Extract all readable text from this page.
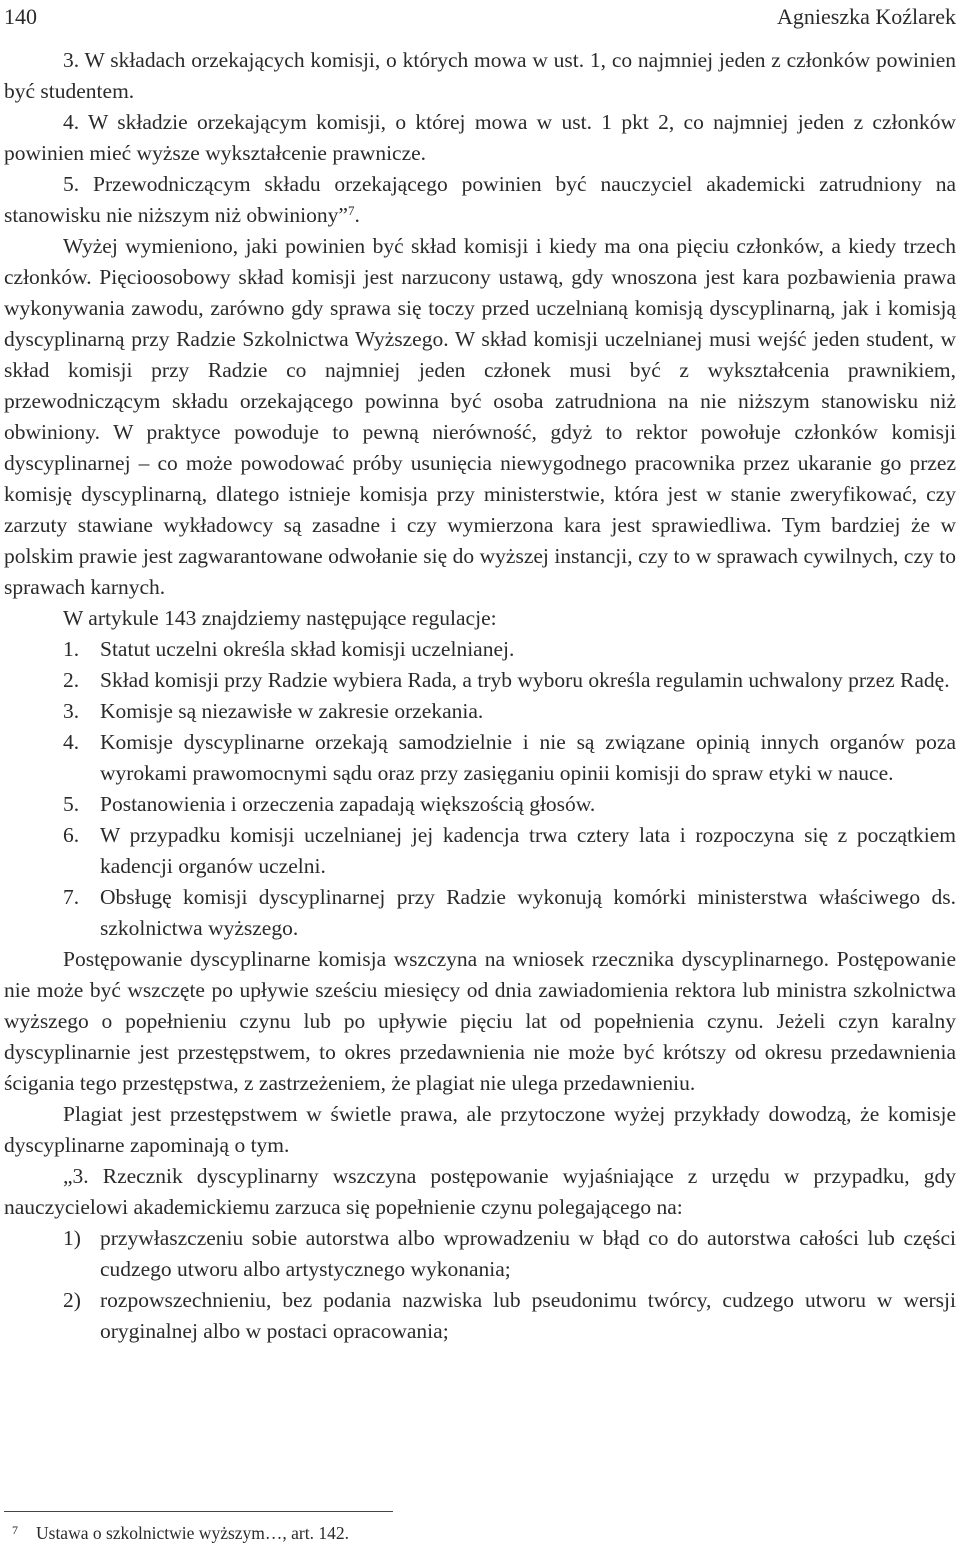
140	Agnieszka Koźlarek

3. W składach orzekających komisji, o których mowa w ust. 1, co najmniej jeden z członków powinien być studentem.

4. W składzie orzekającym komisji, o której mowa w ust. 1 pkt 2, co najmniej jeden z członków powinien mieć wyższe wykształcenie prawnicze.

5. Przewodniczącym składu orzekającego powinien być nauczyciel akademicki zatrudniony na stanowisku nie niższym niż obwiniony”$^7$.

Wyżej wymieniono, jaki powinien być skład komisji i kiedy ma ona pięciu członków, a kiedy trzech członków. Pięcioosobowy skład komisji jest narzucony ustawą, gdy wnoszona jest kara pozbawienia prawa wykonywania zawodu, zarówno gdy sprawa się toczy przed uczelnianą komisją dyscyplinarną, jak i komisją dyscyplinarną przy Radzie Szkolnictwa Wyższego. W skład komisji uczelnianej musi wejść jeden student, w skład komisji przy Radzie co najmniej jeden członek musi być z wykształcenia prawnikiem, przewodniczącym składu orzekającego powinna być osoba zatrudniona na nie niższym stanowisku niż obwiniony. W praktyce powoduje to pewną nierówność, gdyż to rektor powołuje członków komisji dyscyplinarnej – co może powodować próby usunięcia niewygodnego pracownika przez ukaranie go przez komisję dyscyplinarną, dlatego istnieje komisja przy ministerstwie, która jest w stanie zweryfikować, czy zarzuty stawiane wykładowcy są zasadne i czy wymierzona kara jest sprawiedliwa. Tym bardziej że w polskim prawie jest zagwarantowane odwołanie się do wyższej instancji, czy to w sprawach cywilnych, czy to sprawach karnych.

W artykule 143 znajdziemy następujące regulacje:

1. Statut uczelni określa skład komisji uczelnianej.
2. Skład komisji przy Radzie wybiera Rada, a tryb wyboru określa regulamin uchwalony przez Radę.
3. Komisje są niezawisłe w zakresie orzekania.
4. Komisje dyscyplinarne orzekają samodzielnie i nie są związane opinią innych organów poza wyrokami prawomocnymi sądu oraz przy zasięganiu opinii komisji do spraw etyki w nauce.
5. Postanowienia i orzeczenia zapadają większością głosów.
6. W przypadku komisji uczelnianej jej kadencja trwa cztery lata i rozpoczyna się z początkiem kadencji organów uczelni.
7. Obsługę komisji dyscyplinarnej przy Radzie wykonują komórki ministerstwa właściwego ds. szkolnictwa wyższego.

Postępowanie dyscyplinarne komisja wszczyna na wniosek rzecznika dyscyplinarnego. Postępowanie nie może być wszczęte po upływie sześciu miesięcy od dnia zawiadomienia rektora lub ministra szkolnictwa wyższego o popełnieniu czynu lub po upływie pięciu lat od popełnienia czynu. Jeżeli czyn karalny dyscyplinarnie jest przestępstwem, to okres przedawnienia nie może być krótszy od okresu przedawnienia ścigania tego przestępstwa, z zastrzeżeniem, że plagiat nie ulega przedawnieniu.

Plagiat jest przestępstwem w świetle prawa, ale przytoczone wyżej przykłady dowodzą, że komisje dyscyplinarne zapominają o tym.

„3. Rzecznik dyscyplinarny wszczyna postępowanie wyjaśniające z urzędu w przypadku, gdy nauczycielowi akademickiemu zarzuca się popełnienie czynu polegającego na:

1) przywłaszczeniu sobie autorstwa albo wprowadzeniu w błąd co do autorstwa całości lub części cudzego utworu albo artystycznego wykonania;
2) rozpowszechnieniu, bez podania nazwiska lub pseudonimu twórcy, cudzego utworu w wersji oryginalnej albo w postaci opracowania;
7 Ustawa o szkolnictwie wyższym…, art. 142.
